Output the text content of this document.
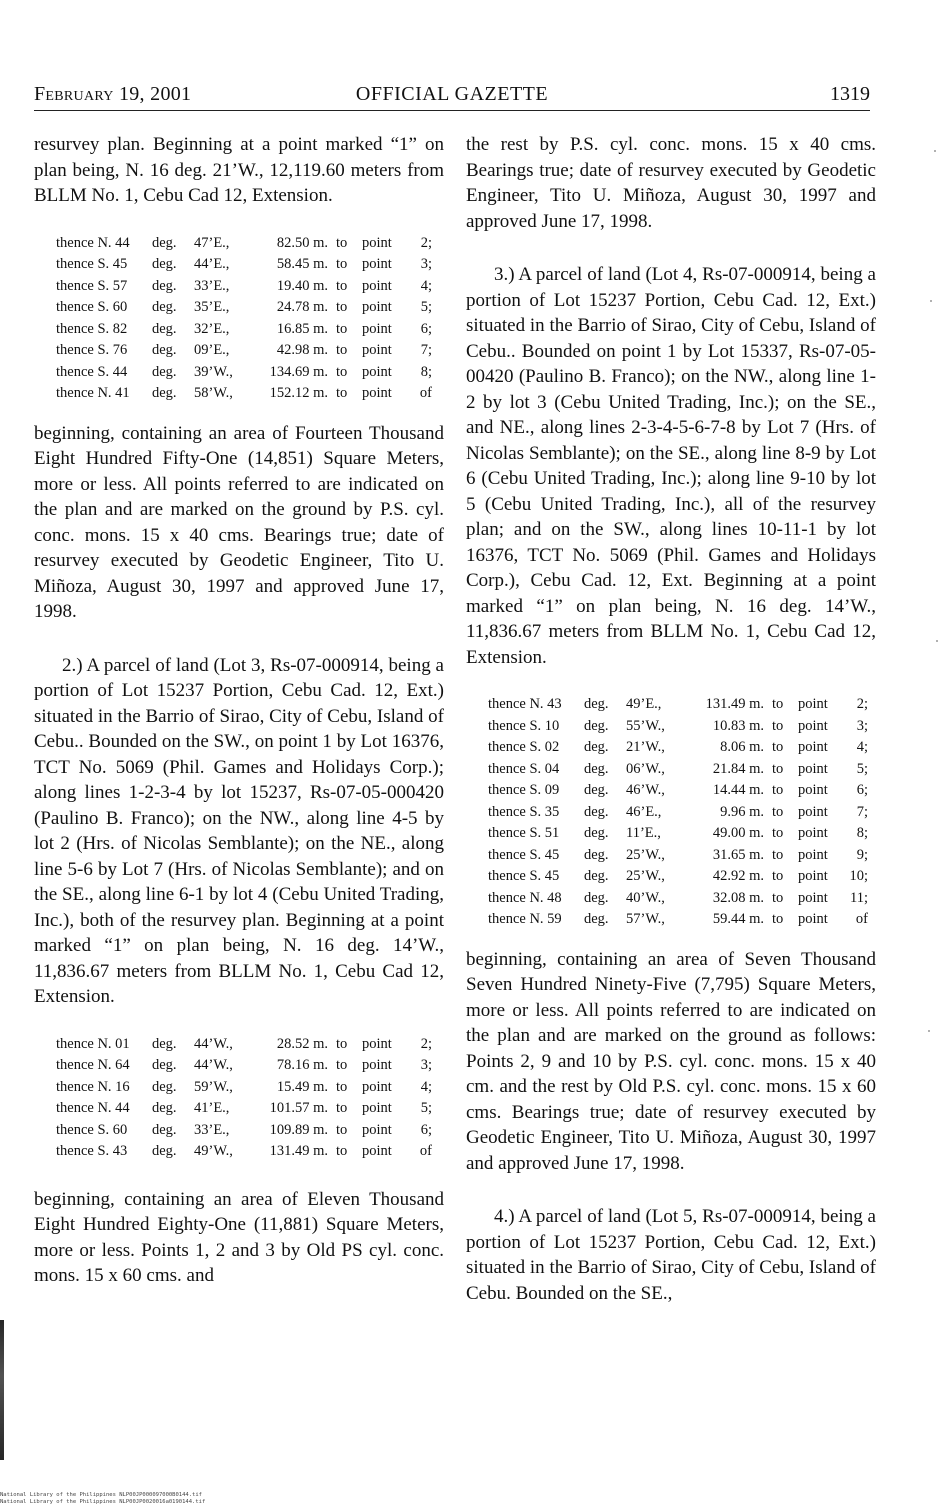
February 19, 2001	OFFICIAL GAZETTE	1319

resurvey plan. Beginning at a point marked “1” on plan being, N. 16 deg. 21’W., 12,119.60 meters from BLLM No. 1, Cebu Cad 12, Extension.

thence N. 44	deg.	47’E.,	82.50 m. to	point	2;
thence S. 45	deg.	44’E.,	58.45 m. to	point	3;
thence S. 57	deg.	33’E.,	19.40 m. to	point	4;
thence S. 60	deg.	35’E.,	24.78 m. to	point	5;
thence S. 82	deg.	32’E.,	16.85 m. to	point	6;
thence S. 76	deg.	09’E.,	42.98 m. to	point	7;
thence S. 44	deg.	39’W.,	134.69 m. to	point	8;
thence N. 41	deg.	58’W.,	152.12 m. to	point	of

beginning, containing an area of Fourteen Thousand Eight Hundred Fifty-One (14,851) Square Meters, more or less. All points referred to are indicated on the plan and are marked on the ground by P.S. cyl. conc. mons. 15 x 40 cms. Bearings true; date of resurvey executed by Geodetic Engineer, Tito U. Miñoza, August 30, 1997 and approved June 17, 1998.

2.) A parcel of land (Lot 3, Rs-07-000914, being a portion of Lot 15237 Portion, Cebu Cad. 12, Ext.) situated in the Barrio of Sirao, City of Cebu, Island of Cebu.. Bounded on the SW., on point 1 by Lot 16376, TCT No. 5069 (Phil. Games and Holidays Corp.); along lines 1-2-3-4 by lot 15237, Rs-07-05-000420 (Paulino B. Franco); on the NW., along line 4-5 by lot 2 (Hrs. of Nicolas Semblante); on the NE., along line 5-6 by Lot 7 (Hrs. of Nicolas Semblante); and on the SE., along line 6-1 by lot 4 (Cebu United Trading, Inc.), both of the resurvey plan. Beginning at a point marked “1” on plan being, N. 16 deg. 14’W., 11,836.67 meters from BLLM No. 1, Cebu Cad 12, Extension.

thence N. 01	deg.	44’W.,	28.52 m. to	point	2;
thence N. 64	deg.	44’W.,	78.16 m. to	point	3;
thence N. 16	deg.	59’W.,	15.49 m. to	point	4;
thence N. 44	deg.	41’E.,	101.57 m. to	point	5;
thence S. 60	deg.	33’E.,	109.89 m. to	point	6;
thence S. 43	deg.	49’W.,	131.49 m. to	point	of

beginning, containing an area of Eleven Thousand Eight Hundred Eighty-One (11,881) Square Meters, more or less. Points 1, 2 and 3 by Old PS cyl. conc. mons. 15 x 60 cms. and

the rest by P.S. cyl. conc. mons. 15 x 40 cms. Bearings true; date of resurvey executed by Geodetic Engineer, Tito U. Miñoza, August 30, 1997 and approved June 17, 1998.

3.) A parcel of land (Lot 4, Rs-07-000914, being a portion of Lot 15237 Portion, Cebu Cad. 12, Ext.) situated in the Barrio of Sirao, City of Cebu, Island of Cebu.. Bounded on point 1 by Lot 15337, Rs-07-05-00420 (Paulino B. Franco); on the NW., along line 1-2 by lot 3 (Cebu United Trading, Inc.); on the SE., and NE., along lines 2-3-4-5-6-7-8 by Lot 7 (Hrs. of Nicolas Semblante); on the SE., along line 8-9 by Lot 6 (Cebu United Trading, Inc.); along line 9-10 by lot 5 (Cebu United Trading, Inc.), all of the resurvey plan; and on the SW., along lines 10-11-1 by lot 16376, TCT No. 5069 (Phil. Games and Holidays Corp.), Cebu Cad. 12, Ext. Beginning at a point marked “1” on plan being, N. 16 deg. 14’W., 11,836.67 meters from BLLM No. 1, Cebu Cad 12, Extension.

thence N. 43	deg.	49’E.,	131.49 m. to	point	2;
thence S. 10	deg.	55’W.,	10.83 m. to	point	3;
thence S. 02	deg.	21’W.,	8.06 m. to	point	4;
thence S. 04	deg.	06’W.,	21.84 m. to	point	5;
thence S. 09	deg.	46’W.,	14.44 m. to	point	6;
thence S. 35	deg.	46’E.,	9.96 m. to	point	7;
thence S. 51	deg.	11’E.,	49.00 m. to	point	8;
thence S. 45	deg.	25’W.,	31.65 m. to	point	9;
thence S. 45	deg.	25’W.,	42.92 m. to	point	10;
thence N. 48	deg.	40’W.,	32.08 m. to	point	11;
thence N. 59	deg.	57’W.,	59.44 m. to	point	of

beginning, containing an area of Seven Thousand Seven Hundred Ninety-Five (7,795) Square Meters, more or less. All points referred to are indicated on the plan and are marked on the ground as follows: Points 2, 9 and 10 by P.S. cyl. conc. mons. 15 x 40 cm. and the rest by Old P.S. cyl. conc. mons. 15 x 60 cms. Bearings true; date of resurvey executed by Geodetic Engineer, Tito U. Miñoza, August 30, 1997 and approved June 17, 1998.

4.) A parcel of land (Lot 5, Rs-07-000914, being a portion of Lot 15237 Portion, Cebu Cad. 12, Ext.) situated in the Barrio of Sirao, City of Cebu, Island of Cebu. Bounded on the SE.,

National Library of the Philippines NLP00JP000097000B0144.tif
National Library of the Philippines NLP00JP0020016a0190144.tif
